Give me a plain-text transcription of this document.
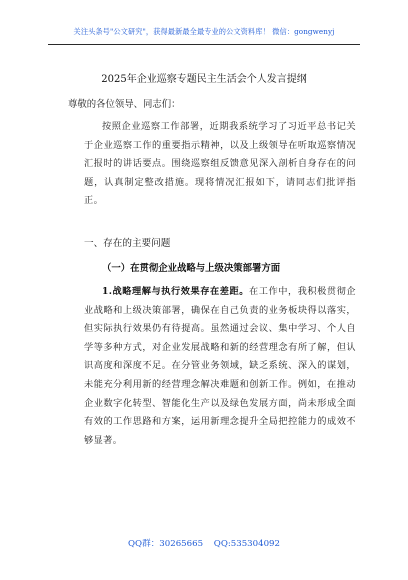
关注头条号"公文研究"，获得最新最全最专业的公文资料库！ 微信：gongwenyj
2025年企业巡察专题民主生活会个人发言提纲
尊敬的各位领导、同志们：
按照企业巡察工作部署，近期我系统学习了习近平总书记关于企业巡察工作的重要指示精神，以及上级领导在听取巡察情况汇报时的讲话要点。围绕巡察组反馈意见深入剖析自身存在的问题，认真制定整改措施。现将情况汇报如下，请同志们批评指正。
一、存在的主要问题
（一）在贯彻企业战略与上级决策部署方面
1.战略理解与执行效果存在差距。在工作中，我积极贯彻企业战略和上级决策部署，确保在自己负责的业务板块得以落实，但实际执行效果仍有待提高。虽然通过会议、集中学习、个人自学等多种方式，对企业发展战略和新的经营理念有所了解，但认识高度和深度不足。在分管业务领域，缺乏系统、深入的谋划，未能充分利用新的经营理念解决难题和创新工作。例如，在推动企业数字化转型、智能化生产以及绿色发展方面，尚未形成全面有效的工作思路和方案，运用新理念提升全局把控能力的成效不够显著。
QQ群：30265665 QQ:535304092
